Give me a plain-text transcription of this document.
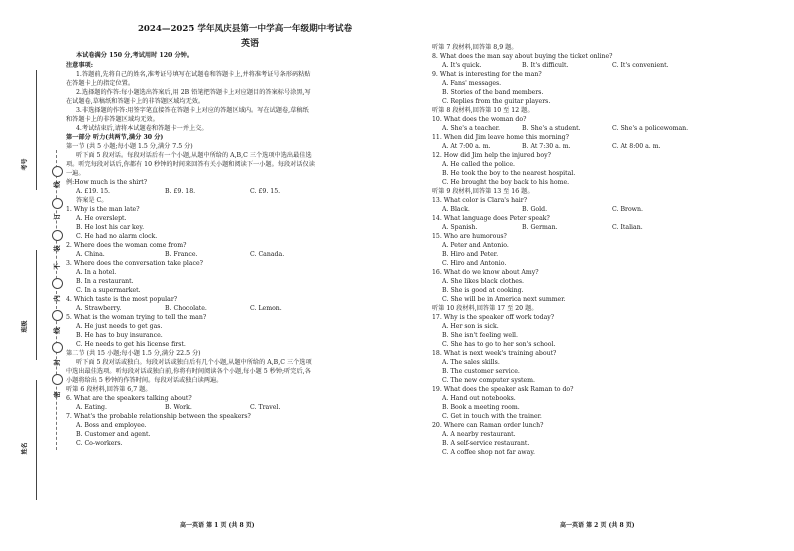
考号
班级
姓名
线
订
装
不
内
线
封
密
2024—2025 学年凤庆县第一中学高一年级期中考试卷
英语
本试卷满分 150 分,考试用时 120 分钟。
注意事项:
1.答题前,先将自己的姓名,准考证号填写在试题卷和答题卡上,并将准考证号条形码粘贴
在答题卡上的指定位置。
2.选择题的作答:每小题选出答案后,用 2B 铅笔把答题卡上对应题目的答案标号涂黑,写
在试题卷,草稿纸和答题卡上的非答题区域均无效。
3.非选择题的作答:用签字笔直接答在答题卡上对应的答题区域内。写在试题卷,草稿纸
和答题卡上的非答题区域均无效。
4.考试结束后,请将本试题卷和答题卡一并上交。
第一部分 听力(共两节,满分 30 分)
第一节 (共 5 小题;每小题 1.5 分,满分 7.5 分)
听下面 5 段对话。每段对话后有一个小题,从题中所给的 A,B,C 三个选项中选出最佳选
项。听完每段对话后,你都有 10 秒钟的时间来回答有关小题和阅读下一小题。每段对话仅读
一遍。
例:How much is the shirt?
A. £19. 15.	B. £9. 18.	C. £9. 15.
答案是 C。
1. Why is the man late?
A. He overslept.
B. He lost his car key.
C. He had no alarm clock.
2. Where does the woman come from?
A. China.	B. France.	C. Canada.
3. Where does the conversation take place?
A. In a hotel.
B. In a restaurant.
C. In a supermarket.
4. Which taste is the most popular?
A. Strawberry.	B. Chocolate.	C. Lemon.
5. What is the woman trying to tell the man?
A. He just needs to get gas.
B. He has to buy insurance.
C. He needs to get his license first.
第二节 (共 15 小题;每小题 1.5 分,满分 22.5 分)
听下面 5 段对话或独白。每段对话或独白后有几个小题,从题中所给的 A,B,C 三个选项
中选出最佳选项。听每段对话或独白前,你将有时间阅读各个小题,每小题 5 秒钟;听完后,各
小题将给出 5 秒钟的作答时间。每段对话或独白读两遍。
听第 6 段材料,回答第 6,7 题。
6. What are the speakers talking about?
A. Eating.	B. Work.	C. Travel.
7. What's the probable relationship between the speakers?
A. Boss and employee.
B. Customer and agent.
C. Co-workers.
高一英语 第 1 页 (共 8 页)
听第 7 段材料,回答第 8,9 题。
8. What does the man say about buying the ticket online?
A. It's quick.	B. It's difficult.	C. It's convenient.
9. What is interesting for the man?
A. Fans' messages.
B. Stories of the band members.
C. Replies from the guitar players.
听第 8 段材料,回答第 10 至 12 题。
10. What does the woman do?
A. She's a teacher.	B. She's a student.	C. She's a policewoman.
11. When did Jim leave home this morning?
A. At 7:00 a. m.	B. At 7:30 a. m.	C. At 8:00 a. m.
12. How did Jim help the injured boy?
A. He called the police.
B. He took the boy to the nearest hospital.
C. He brought the boy back to his home.
听第 9 段材料,回答第 13 至 16 题。
13. What color is Clara's hair?
A. Black.	B. Gold.	C. Brown.
14. What language does Peter speak?
A. Spanish.	B. German.	C. Italian.
15. Who are humorous?
A. Peter and Antonio.
B. Hiro and Peter.
C. Hiro and Antonio.
16. What do we know about Amy?
A. She likes black clothes.
B. She is good at cooking.
C. She will be in America next summer.
听第 10 段材料,回答第 17 至 20 题。
17. Why is the speaker off work today?
A. Her son is sick.
B. She isn't feeling well.
C. She has to go to her son's school.
18. What is next week's training about?
A. The sales skills.
B. The customer service.
C. The new computer system.
19. What does the speaker ask Raman to do?
A. Hand out notebooks.
B. Book a meeting room.
C. Get in touch with the trainer.
20. Where can Raman order lunch?
A. A nearby restaurant.
B. A self-service restaurant.
C. A coffee shop not far away.
高一英语 第 2 页 (共 8 页)
